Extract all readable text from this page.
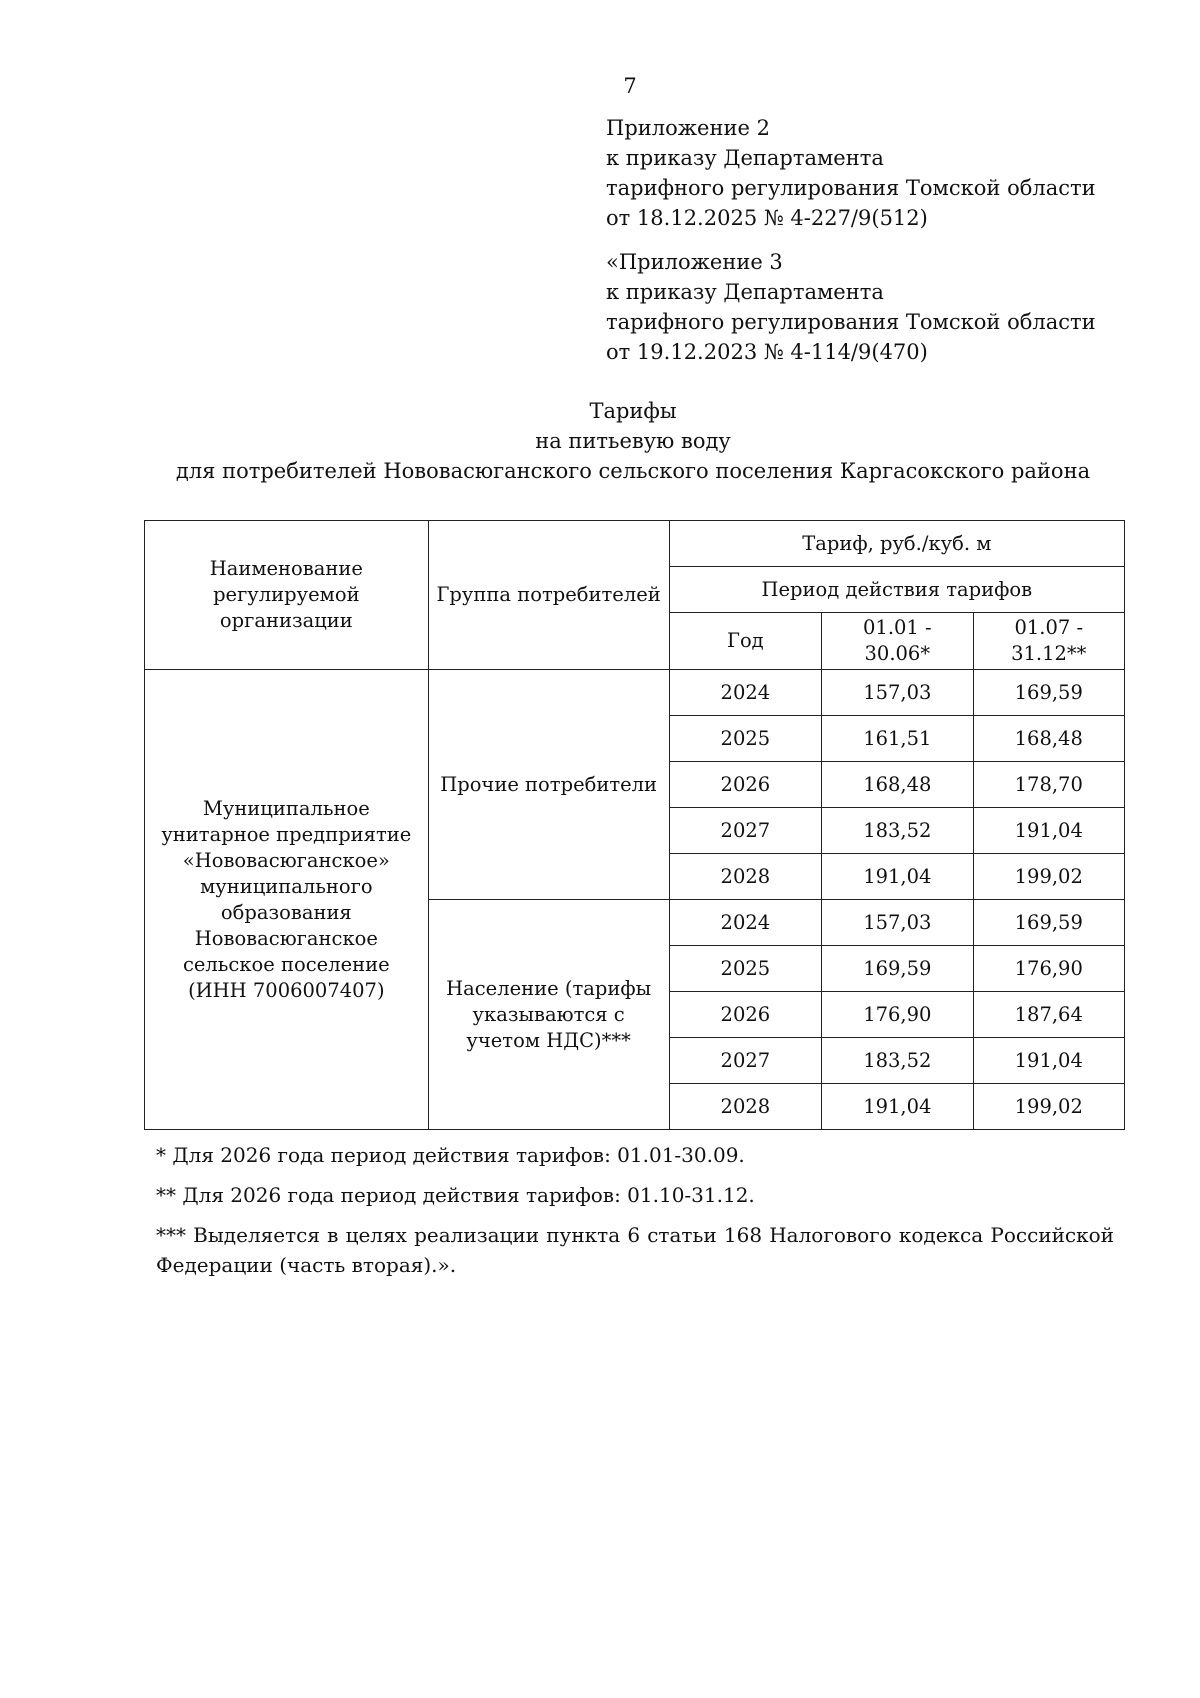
7
Приложение 2
к приказу Департамента
тарифного регулирования Томской области
от 18.12.2025 № 4-227/9(512)
«Приложение 3
к приказу Департамента
тарифного регулирования Томской области
от 19.12.2023 № 4-114/9(470)
Тарифы
на питьевую воду
для потребителей Нововасюганского сельского поселения Каргасокского района
Наименование регулируемой организации	Группа потребителей	Тариф, руб./куб. м		
		Период действия тарифов		
		Год	01.01 - 30.06*	01.07 - 31.12**
Муниципальное унитарное предприятие «Нововасюганское» муниципального образования Нововасюганское сельское поселение (ИНН 7006007407)	Прочие потребители	2024	157,03	169,59
		2025	161,51	168,48
		2026	168,48	178,70
		2027	183,52	191,04
		2028	191,04	199,02
	Население (тарифы указываются с учетом НДС)***	2024	157,03	169,59
		2025	169,59	176,90
		2026	176,90	187,64
		2027	183,52	191,04
		2028	191,04	199,02

* Для 2026 года период действия тарифов: 01.01-30.09.

** Для 2026 года период действия тарифов: 01.10-31.12.

*** Выделяется в целях реализации пункта 6 статьи 168 Налогового кодекса Российской Федерации (часть вторая).».
